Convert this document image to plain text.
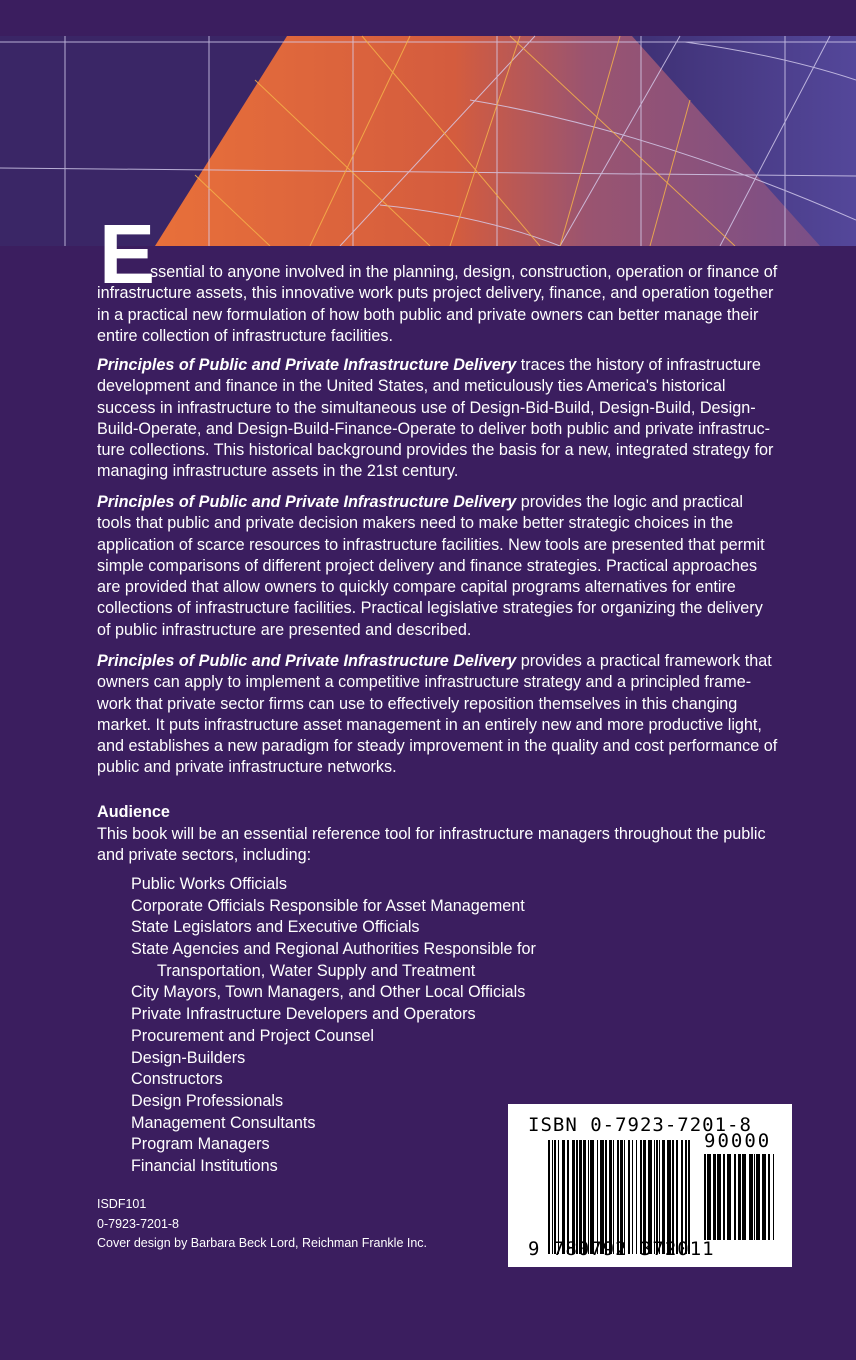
E
ssential to anyone involved in the planning, design, construction, operation or finance of
infrastructure assets, this innovative work puts project delivery, finance, and operation together
in a practical new formulation of how both public and private owners can better manage their
entire collection of infrastructure facilities.
Principles of Public and Private Infrastructure Delivery traces the history of infrastructure
development and finance in the United States, and meticulously ties America's historical
success in infrastructure to the simultaneous use of Design-Bid-Build, Design-Build, Design-
Build-Operate, and Design-Build-Finance-Operate to deliver both public and private infrastruc-
ture collections. This historical background provides the basis for a new, integrated strategy for
managing infrastructure assets in the 21st century.
Principles of Public and Private Infrastructure Delivery provides the logic and practical
tools that public and private decision makers need to make better strategic choices in the
application of scarce resources to infrastructure facilities. New tools are presented that permit
simple comparisons of different project delivery and finance strategies. Practical approaches
are provided that allow owners to quickly compare capital programs alternatives for entire
collections of infrastructure facilities. Practical legislative strategies for organizing the delivery
of public infrastructure are presented and described.
Principles of Public and Private Infrastructure Delivery provides a practical framework that
owners can apply to implement a competitive infrastructure strategy and a principled frame-
work that private sector firms can use to effectively reposition themselves in this changing
market. It puts infrastructure asset management in an entirely new and more productive light,
and establishes a new paradigm for steady improvement in the quality and cost performance of
public and private infrastructure networks.
Audience
This book will be an essential reference tool for infrastructure managers throughout the public
and private sectors, including:
Public Works Officials
Corporate Officials Responsible for Asset Management
State Legislators and Executive Officials
State Agencies and Regional Authorities Responsible for
Transportation, Water Supply and Treatment
City Mayors, Town Managers, and Other Local Officials
Private Infrastructure Developers and Operators
Procurement and Project Counsel
Design-Builders
Constructors
Design Professionals
Management Consultants
Program Managers
Financial Institutions
ISDF101
0-7923-7201-8
Cover design by Barbara Beck Lord, Reichman Frankle Inc.
ISBN 0-7923-7201-8
90000
9 780792 372011
